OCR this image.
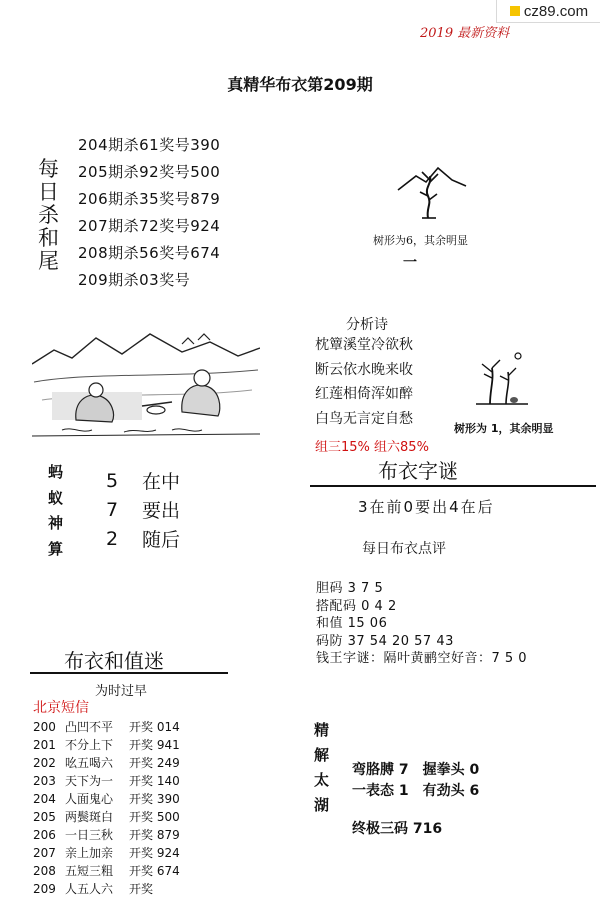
cz89.com
2019 最新资料
真精华布衣第209期
每
日
杀
和
尾
204期杀61奖号390
205期杀92奖号500
206期杀35奖号879
207期杀72奖号924
208期杀56奖号674
209期杀03奖号
树形为6，其余明显
一
分析诗
枕簟溪堂冷欲秋
断云依水晚来收
红莲相倚浑如醉
白鸟无言定自愁
组三15% 组六85%
树形为 1，其余明显
蚂
蚁
神
算
5	在中
7	要出
2	随后
布衣字谜
3在前0要出4在后
每日布衣点评
胆码 3 7 5
搭配码 0 4 2
和值 15 06
码防 37 54 20 57 43
钱王字谜：隔叶黄鹂空好音：7 5 0
布衣和值迷
为时过早
北京短信
200 凸凹不平	开奖 014
201 不分上下	开奖 941
202 吆五喝六	开奖 249
203 天下为一	开奖 140
204 人面鬼心	开奖 390
205 两鬓斑白	开奖 500
206 一日三秋	开奖 879
207 亲上加亲	开奖 924
208 五短三粗	开奖 674
209 人五人六	开奖
精
解
太
湖
弯胳膊 7　握拳头 0
一表态 1　有劲头 6
终极三码 716
